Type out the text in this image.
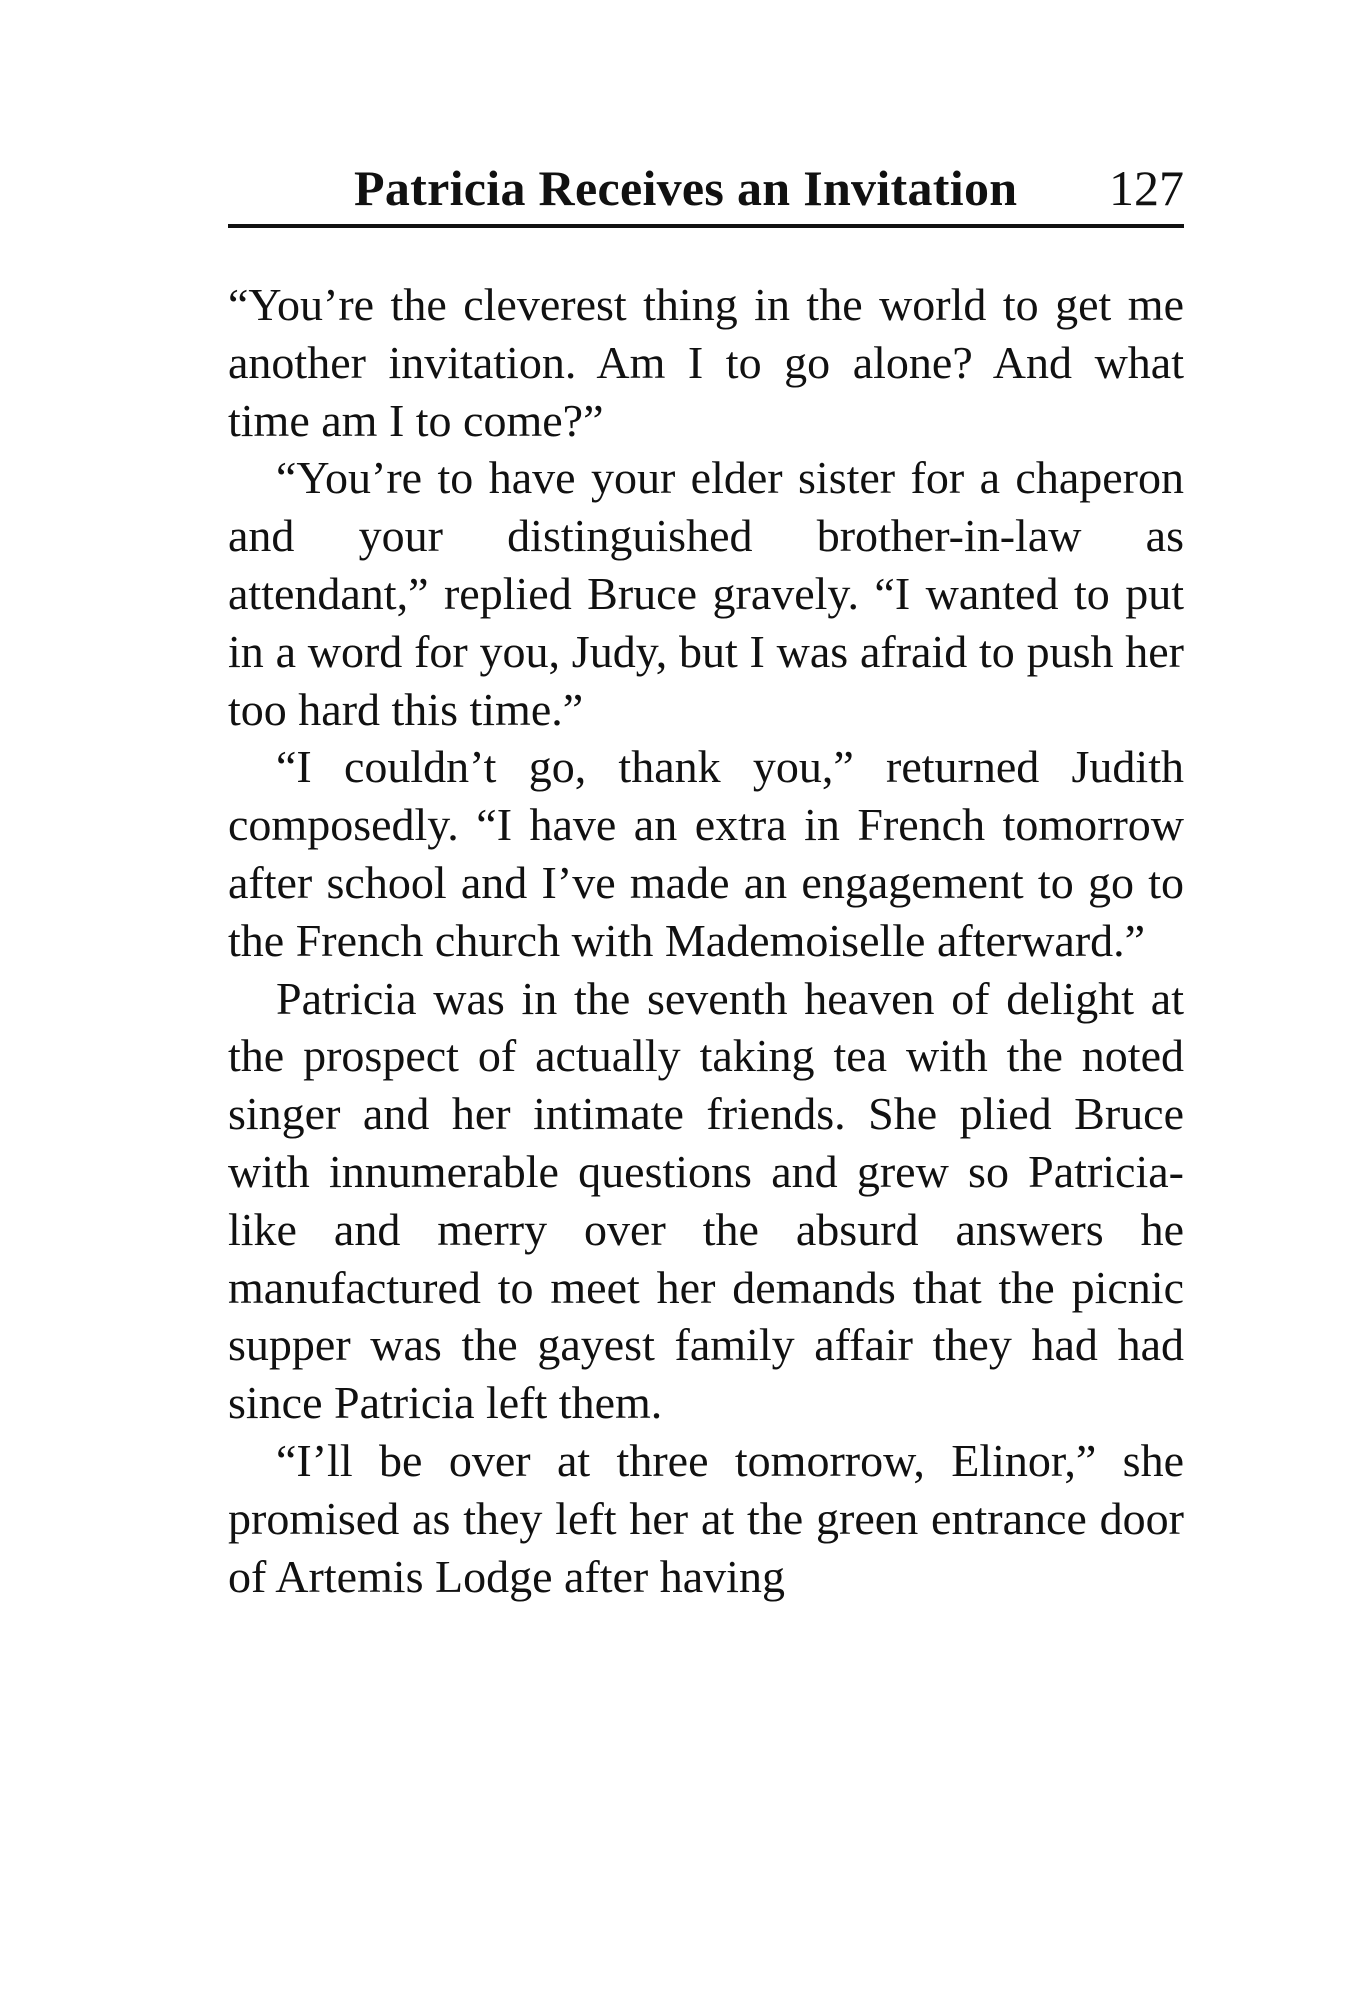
Patricia Receives an Invitation 127

“You’re the cleverest thing in the world to get me another invitation. Am I to go alone? And what time am I to come?”

“You’re to have your elder sister for a chaperon and your distinguished brother-in-law as attendant,” replied Bruce gravely. “I wanted to put in a word for you, Judy, but I was afraid to push her too hard this time.”

“I couldn’t go, thank you,” returned Judith composedly. “I have an extra in French tomorrow after school and I’ve made an engagement to go to the French church with Mademoiselle afterward.”

Patricia was in the seventh heaven of delight at the prospect of actually taking tea with the noted singer and her intimate friends. She plied Bruce with innumerable questions and grew so Patricia-like and merry over the absurd answers he manufactured to meet her demands that the picnic supper was the gayest family affair they had had since Patricia left them.

“I’ll be over at three tomorrow, Elinor,” she promised as they left her at the green entrance door of Artemis Lodge after having
